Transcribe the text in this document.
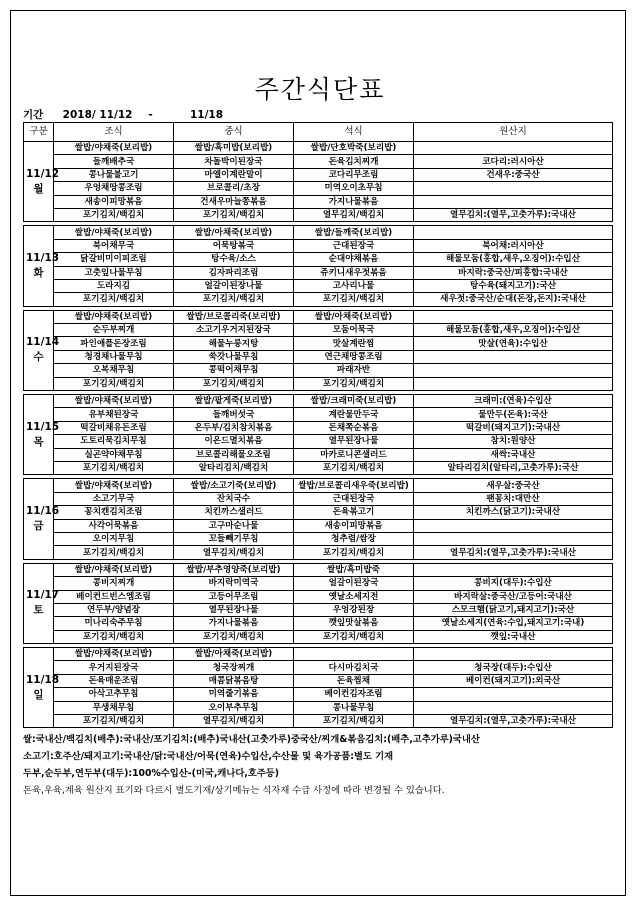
주간식단표
기간 2018/ 11/12 -	11/18
구분	조식	중식	석식	원산지
11/12
월	쌀밥/야채죽(보리밥)	쌀밥/흑미밥(보리밥)	쌀밥/단호박죽(보리밥)	
	들깨배추국	차돌박이된장국	돈육김치찌개	코다리:러시아산
	콩나물불고기	마엘이계란말이	코다리무조림	건새우:중국산
	우엉채땅콩조림	브로콜리/초장	미역오이초무침	
	새송이피망볶음	건새우마늘쫑볶음	가지나물볶음	
	포기김치/백김치	포기김치/백김치	열무김치/백김치	열무김치:(열무,고춧가루):국내산

11/13
화	쌀밥/야채죽(보리밥)	쌀밥/아채죽(보리밥)	쌀밥/들깨죽(보리밥)	
	북어채무국	어묵탕볶국	근대된장국	북어채:러시아산
	닭갈비미이피조림	탕수육/소스	순대야채볶음	해물모둠(홍합,새우,오징어):수입산
	고춧잎나물무침	김자파리조림	쥬키니새우젓볶음	바지락:중국산/피홍합:국내산
	도라지김	얼갈이된장나물	고사리나물	탕수육(돼지고기):국산
	포기김치/백김치	포기김치/백김치	포기김치/백김치	새우젓:중국산/순대(돈장,돈지):국내산

11/14
수	쌀밥/야채죽(보리밥)	쌀밥/브로콜리죽(보리밥)	쌀밥/아채죽(보리밥)	
	순두부찌개	소고기우거지된장국	모둠어묵국	해물모둠(홍합,새우,오징어):수입산
	파인애플돈장조림	해물누룽지탕	맛살계란찜	맛살(연육):수입산
	청경채나물무침	쑥갓나물무침	연근채땅콩조림	
	오복채무침	콩떡어채무침	파래자반	
	포기김치/백김치	포기김치/백김치	포기김치/백김치	

11/15
목	쌀밥/야채죽(보리밥)	쌀밥/팥게죽(보리밥)	쌀밥/크래미죽(보리밥)	크래미:(연육)수입산
	유부채된장국	들깨버섯국	계란물만두국	물만두(돈육):국산
	떡갈비채유돈조림	온두부/김치참치볶음	돈채쪽순볶음	떡갈비(돼지고기):국내산
	도토리묵김치무침	이온드멸치볶음	열무된장나물	참치:원양산
	실곤약야채무침	브로콜리해물오조림	마카로니콘샐러드	새싹:국내산
	포기김치/백김치	알타리김치/백김치	포기김치/백김치	알타리김치(알타리,고춧가루):국산

11/16
금	쌀밥/야채죽(보리밥)	쌀밥/소고기죽(보리밥)	쌀밥/브로콜리새우죽(보리밥)	새우살:중국산
	소고기무국	잔치국수	근대된장국	팬꽁치:대만산
	꽁치캔김치조림	치킨까스샐러드	돈육볶고기	치킨까스(닭고기):국내산
	사각어묵볶음	고구마순나물	새송이피망볶음	
	오이지무침	꼬들빼기무침	청추렴/쌈장	
	포기김치/백김치	열무김치/백김치	포기김치/백김치	열무김치:(열무,고춧가루):국내산

11/17
토	쌀밥/야채죽(보리밥)	쌀밥/부추영양죽(보리밥)	쌀밥/흑미밥죽	
	콩비지찌개	바지락미역국	얼갈이된장국	콩비지(대두):수입산
	베이컨드빈스엠조림	고등어무조림	옛날소세지전	바지락살:중국산/고등어:국내산
	연두부/양념장	열무된장나물	우엉강된장	스모크햄(닭고기,돼지고기):국산
	미나리숙주무침	가지나물볶음	깻잎맛살볶음	옛날소세지(연육:수입,돼지고기:국내)
	포기김치/백김치	포기김치/백김치	포기김치/백김치	깻잎:국내산

11/18
일	쌀밥/야채죽(보리밥)	쌀밥/아채죽(보리밥)		
	우거지된장국	청국장찌개	다시마김치국	청국장(대두):수입산
	돈육매운조림	매콤닭볶음탕	돈육찜채	베이컨(돼지고기):외국산
	아삭고추무침	미역줄기볶음	베이컨김자조림	
	무생채무침	오이부추무침	콩나물무침	
	포기김치/백김치	열무김치/백김치	포기김치/백김치	열무김치:(열무,고춧가루):국내산
쌀:국내산/백김치(배추):국내산/포기김치:(배추)국내산(고춧가루)중국산/찌개&볶음김치:(배추,고추가루)국내산
소고기:호주산/돼지고기:국내산/닭:국내산/어묵(연육)수입산,수산물 및 육가공품:별도 기재
두부,순두부,연두부(대두):100%수입산-(미국,캐나다,호주등)
돈육,우육,계육 원산지 표기와 다르시 별도기재/상기메뉴는 식자재 수급 사정에 따라 변경될 수 있습니다.
